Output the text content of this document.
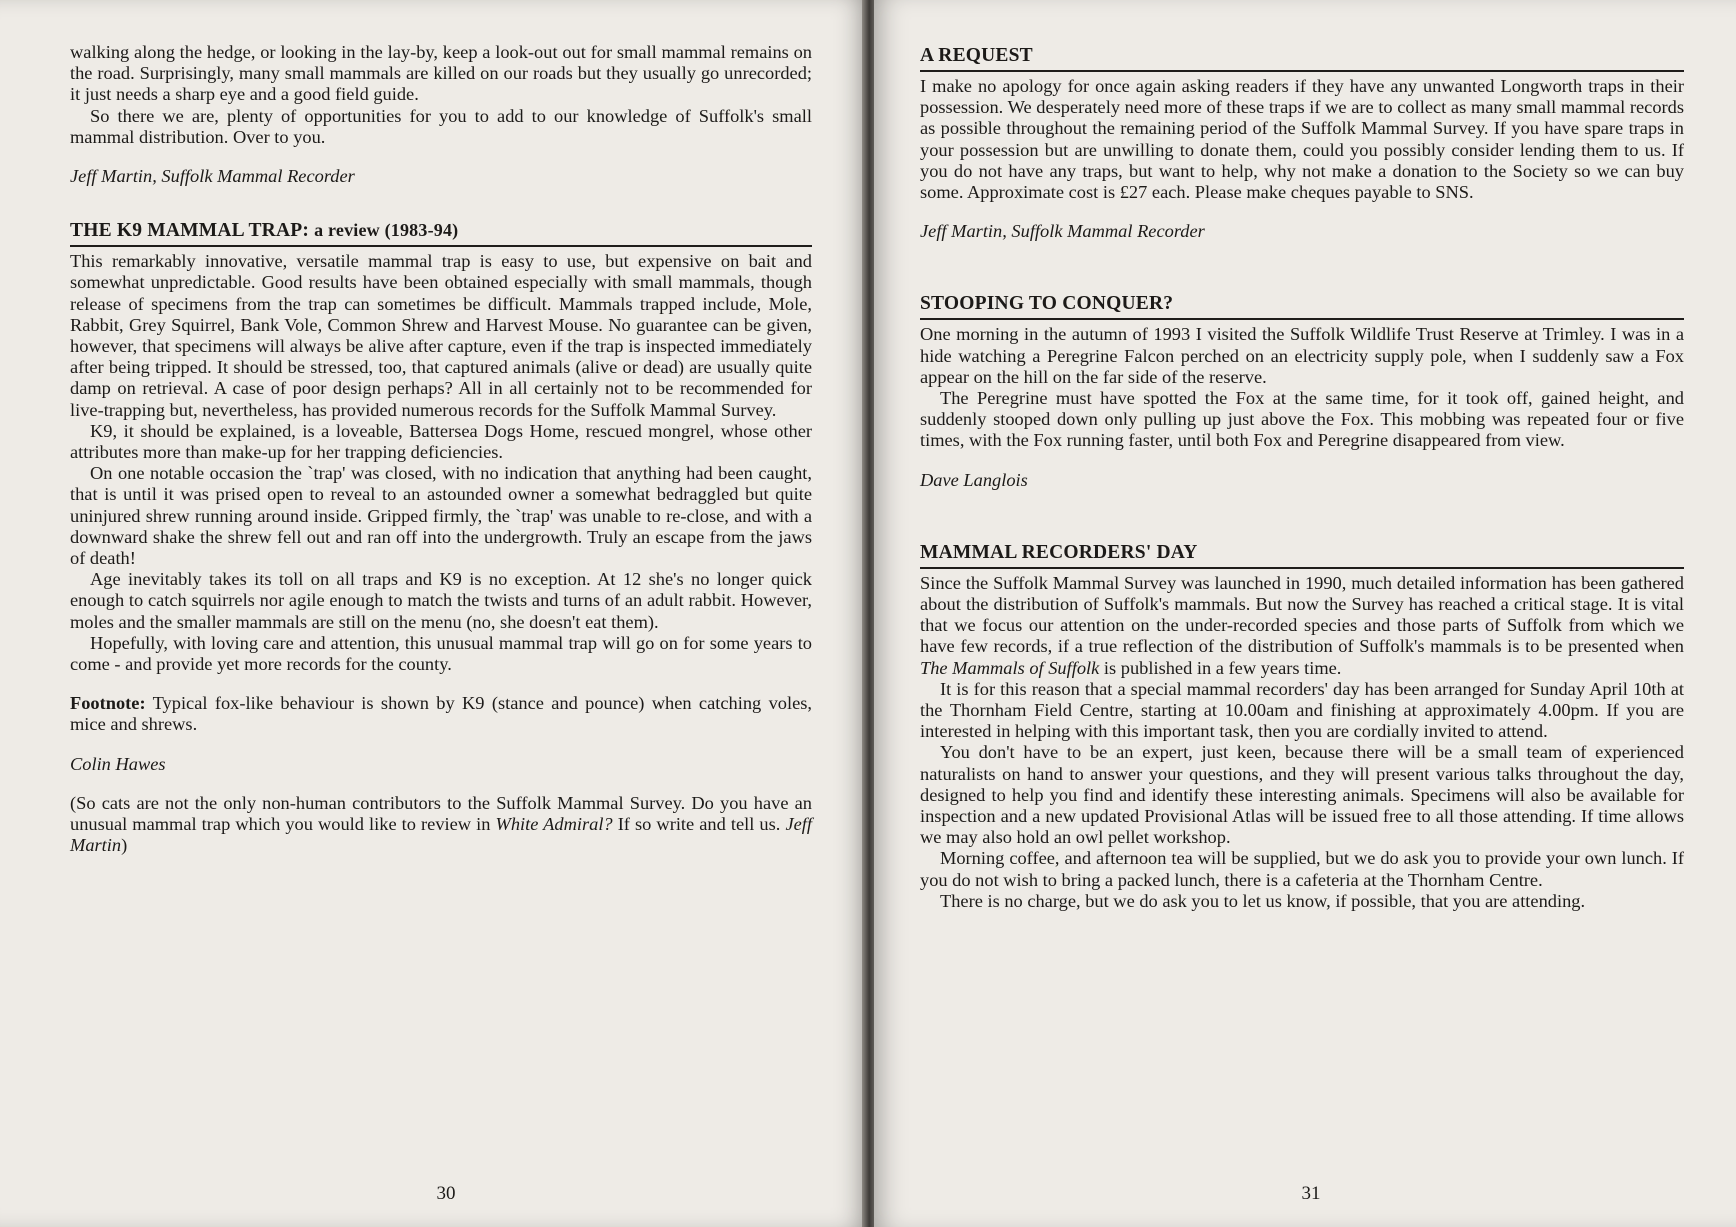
walking along the hedge, or looking in the lay-by, keep a look-out out for small mammal remains on the road. Surprisingly, many small mammals are killed on our roads but they usually go unrecorded; it just needs a sharp eye and a good field guide.

So there we are, plenty of opportunities for you to add to our knowledge of Suffolk's small mammal distribution. Over to you.

Jeff Martin, Suffolk Mammal Recorder

THE K9 MAMMAL TRAP: a review (1983-94)

This remarkably innovative, versatile mammal trap is easy to use, but expensive on bait and somewhat unpredictable. Good results have been obtained especially with small mammals, though release of specimens from the trap can sometimes be difficult. Mammals trapped include, Mole, Rabbit, Grey Squirrel, Bank Vole, Common Shrew and Harvest Mouse. No guarantee can be given, however, that specimens will always be alive after capture, even if the trap is inspected immediately after being tripped. It should be stressed, too, that captured animals (alive or dead) are usually quite damp on retrieval. A case of poor design perhaps? All in all certainly not to be recommended for live-trapping but, nevertheless, has provided numerous records for the Suffolk Mammal Survey.

K9, it should be explained, is a loveable, Battersea Dogs Home, rescued mongrel, whose other attributes more than make-up for her trapping deficiencies.

On one notable occasion the `trap' was closed, with no indication that anything had been caught, that is until it was prised open to reveal to an astounded owner a somewhat bedraggled but quite uninjured shrew running around inside. Gripped firmly, the `trap' was unable to re-close, and with a downward shake the shrew fell out and ran off into the undergrowth. Truly an escape from the jaws of death!

Age inevitably takes its toll on all traps and K9 is no exception. At 12 she's no longer quick enough to catch squirrels nor agile enough to match the twists and turns of an adult rabbit. However, moles and the smaller mammals are still on the menu (no, she doesn't eat them).

Hopefully, with loving care and attention, this unusual mammal trap will go on for some years to come - and provide yet more records for the county.

Footnote: Typical fox-like behaviour is shown by K9 (stance and pounce) when catching voles, mice and shrews.

Colin Hawes

(So cats are not the only non-human contributors to the Suffolk Mammal Survey. Do you have an unusual mammal trap which you would like to review in White Admiral? If so write and tell us. Jeff Martin)

30
A REQUEST

I make no apology for once again asking readers if they have any unwanted Longworth traps in their possession. We desperately need more of these traps if we are to collect as many small mammal records as possible throughout the remaining period of the Suffolk Mammal Survey. If you have spare traps in your possession but are unwilling to donate them, could you possibly consider lending them to us. If you do not have any traps, but want to help, why not make a donation to the Society so we can buy some. Approximate cost is £27 each. Please make cheques payable to SNS.

Jeff Martin, Suffolk Mammal Recorder

STOOPING TO CONQUER?

One morning in the autumn of 1993 I visited the Suffolk Wildlife Trust Reserve at Trimley. I was in a hide watching a Peregrine Falcon perched on an electricity supply pole, when I suddenly saw a Fox appear on the hill on the far side of the reserve.

The Peregrine must have spotted the Fox at the same time, for it took off, gained height, and suddenly stooped down only pulling up just above the Fox. This mobbing was repeated four or five times, with the Fox running faster, until both Fox and Peregrine disappeared from view.

Dave Langlois

MAMMAL RECORDERS' DAY

Since the Suffolk Mammal Survey was launched in 1990, much detailed information has been gathered about the distribution of Suffolk's mammals. But now the Survey has reached a critical stage. It is vital that we focus our attention on the under-recorded species and those parts of Suffolk from which we have few records, if a true reflection of the distribution of Suffolk's mammals is to be presented when The Mammals of Suffolk is published in a few years time.

It is for this reason that a special mammal recorders' day has been arranged for Sunday April 10th at the Thornham Field Centre, starting at 10.00am and finishing at approximately 4.00pm. If you are interested in helping with this important task, then you are cordially invited to attend.

You don't have to be an expert, just keen, because there will be a small team of experienced naturalists on hand to answer your questions, and they will present various talks throughout the day, designed to help you find and identify these interesting animals. Specimens will also be available for inspection and a new updated Provisional Atlas will be issued free to all those attending. If time allows we may also hold an owl pellet workshop.

Morning coffee, and afternoon tea will be supplied, but we do ask you to provide your own lunch. If you do not wish to bring a packed lunch, there is a cafeteria at the Thornham Centre.

There is no charge, but we do ask you to let us know, if possible, that you are attending.

31
